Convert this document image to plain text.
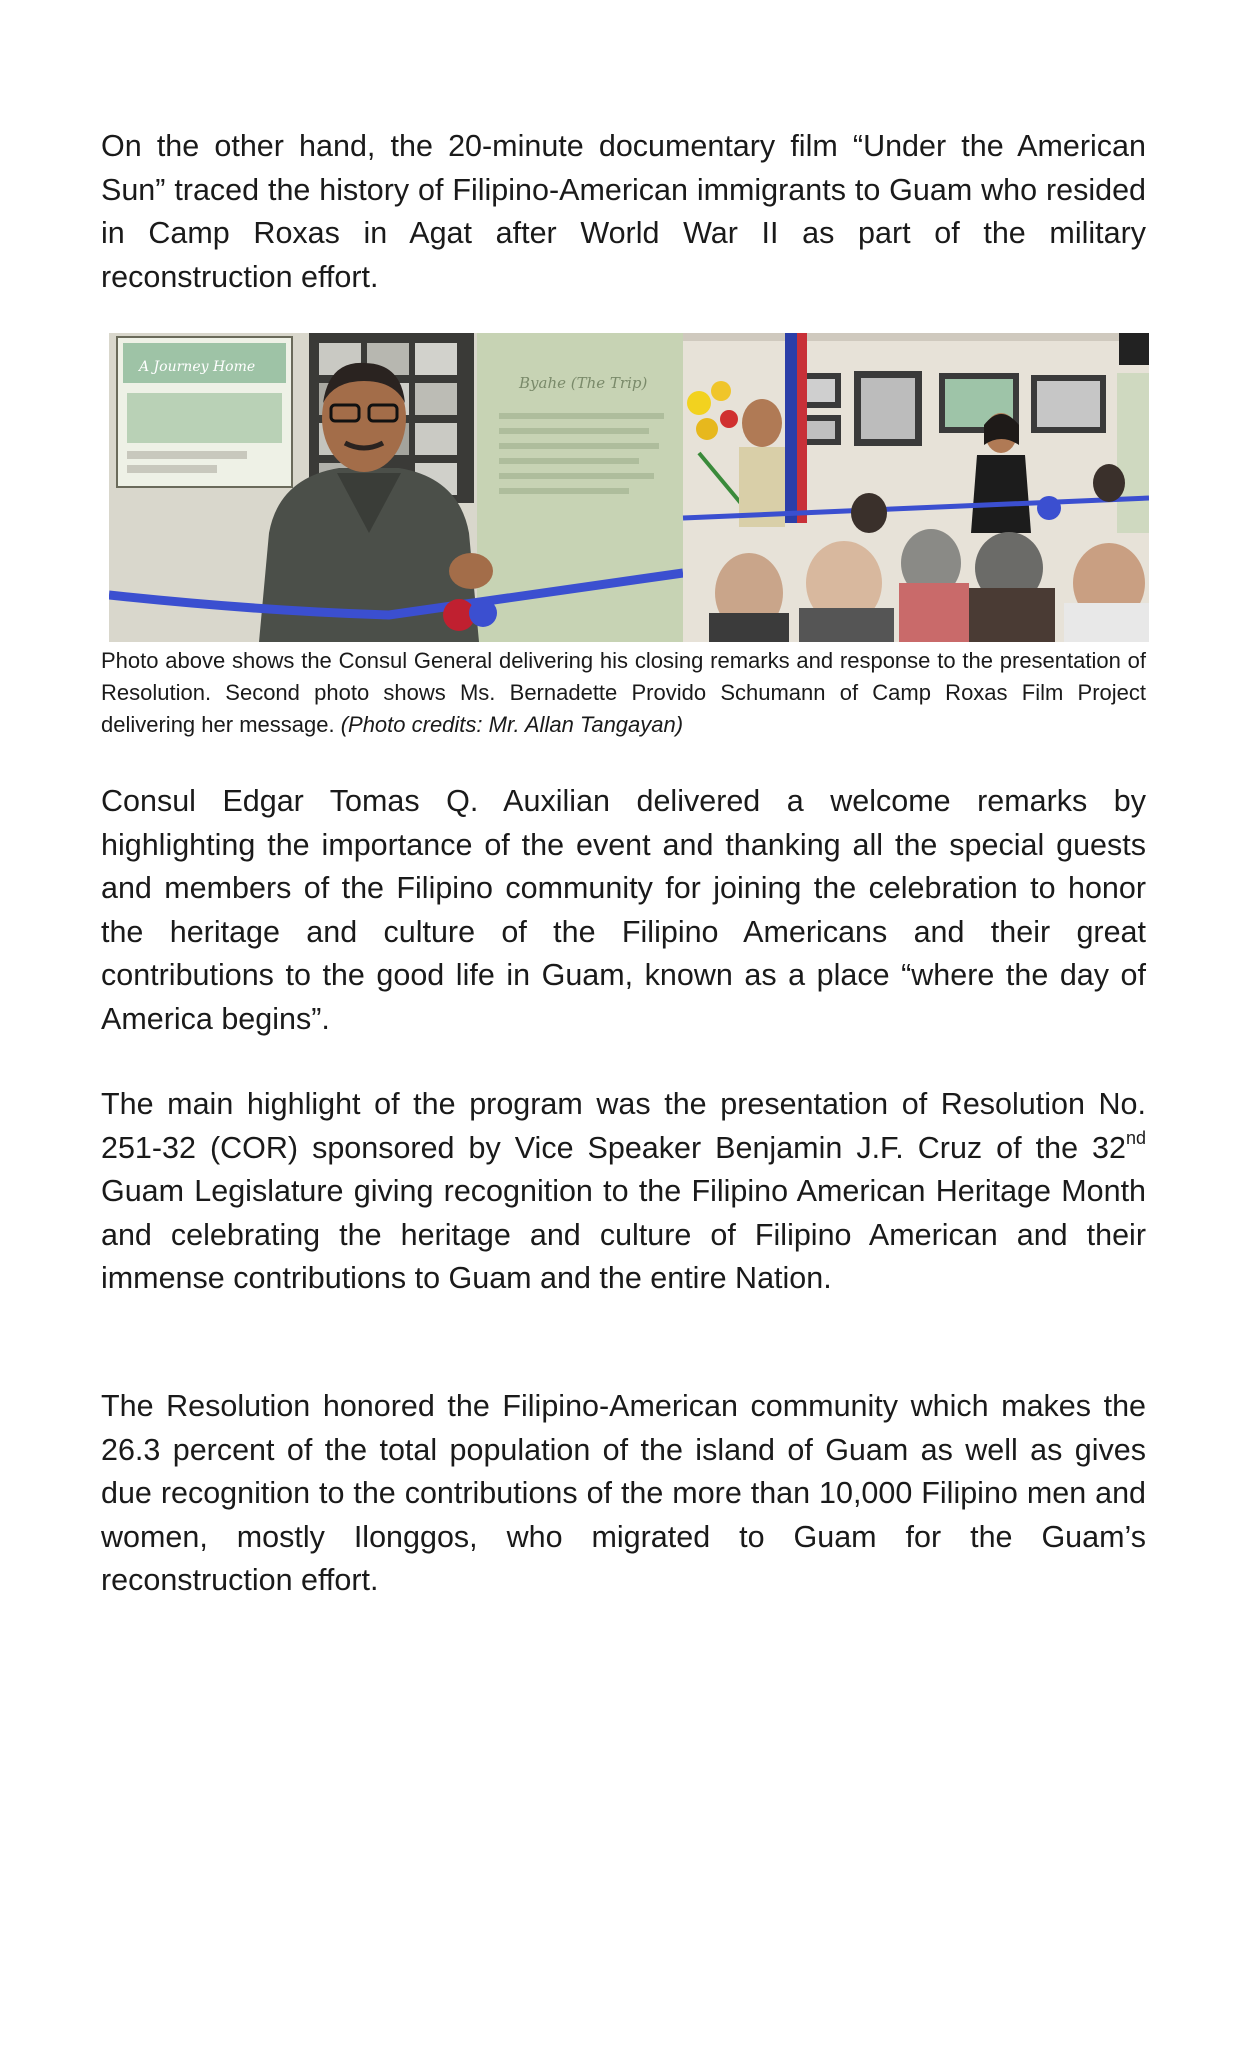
On the other hand, the 20-minute documentary film “Under the American Sun” traced the history of Filipino-American immigrants to Guam who resided in Camp Roxas in Agat after World War II as part of the military reconstruction effort.

A Journey Home
Byahe (The Trip)

Photo above shows the Consul General delivering his closing remarks and response to the presentation of Resolution. Second photo shows Ms. Bernadette Provido Schumann of Camp Roxas Film Project delivering her message. (Photo credits: Mr. Allan Tangayan)

Consul Edgar Tomas Q. Auxilian delivered a welcome remarks by highlighting the importance of the event and thanking all the special guests and members of the Filipino community for joining the celebration to honor the heritage and culture of the Filipino Americans and their great contributions to the good life in Guam, known as a place “where the day of America begins”.

The main highlight of the program was the presentation of Resolution No. 251-32 (COR) sponsored by Vice Speaker Benjamin J.F. Cruz of the 32nd Guam Legislature giving recognition to the Filipino American Heritage Month and celebrating the heritage and culture of Filipino American and their immense contributions to Guam and the entire Nation.

The Resolution honored the Filipino-American community which makes the 26.3 percent of the total population of the island of Guam as well as gives due recognition to the contributions of the more than 10,000 Filipino men and women, mostly Ilonggos, who migrated to Guam for the Guam’s reconstruction effort.
